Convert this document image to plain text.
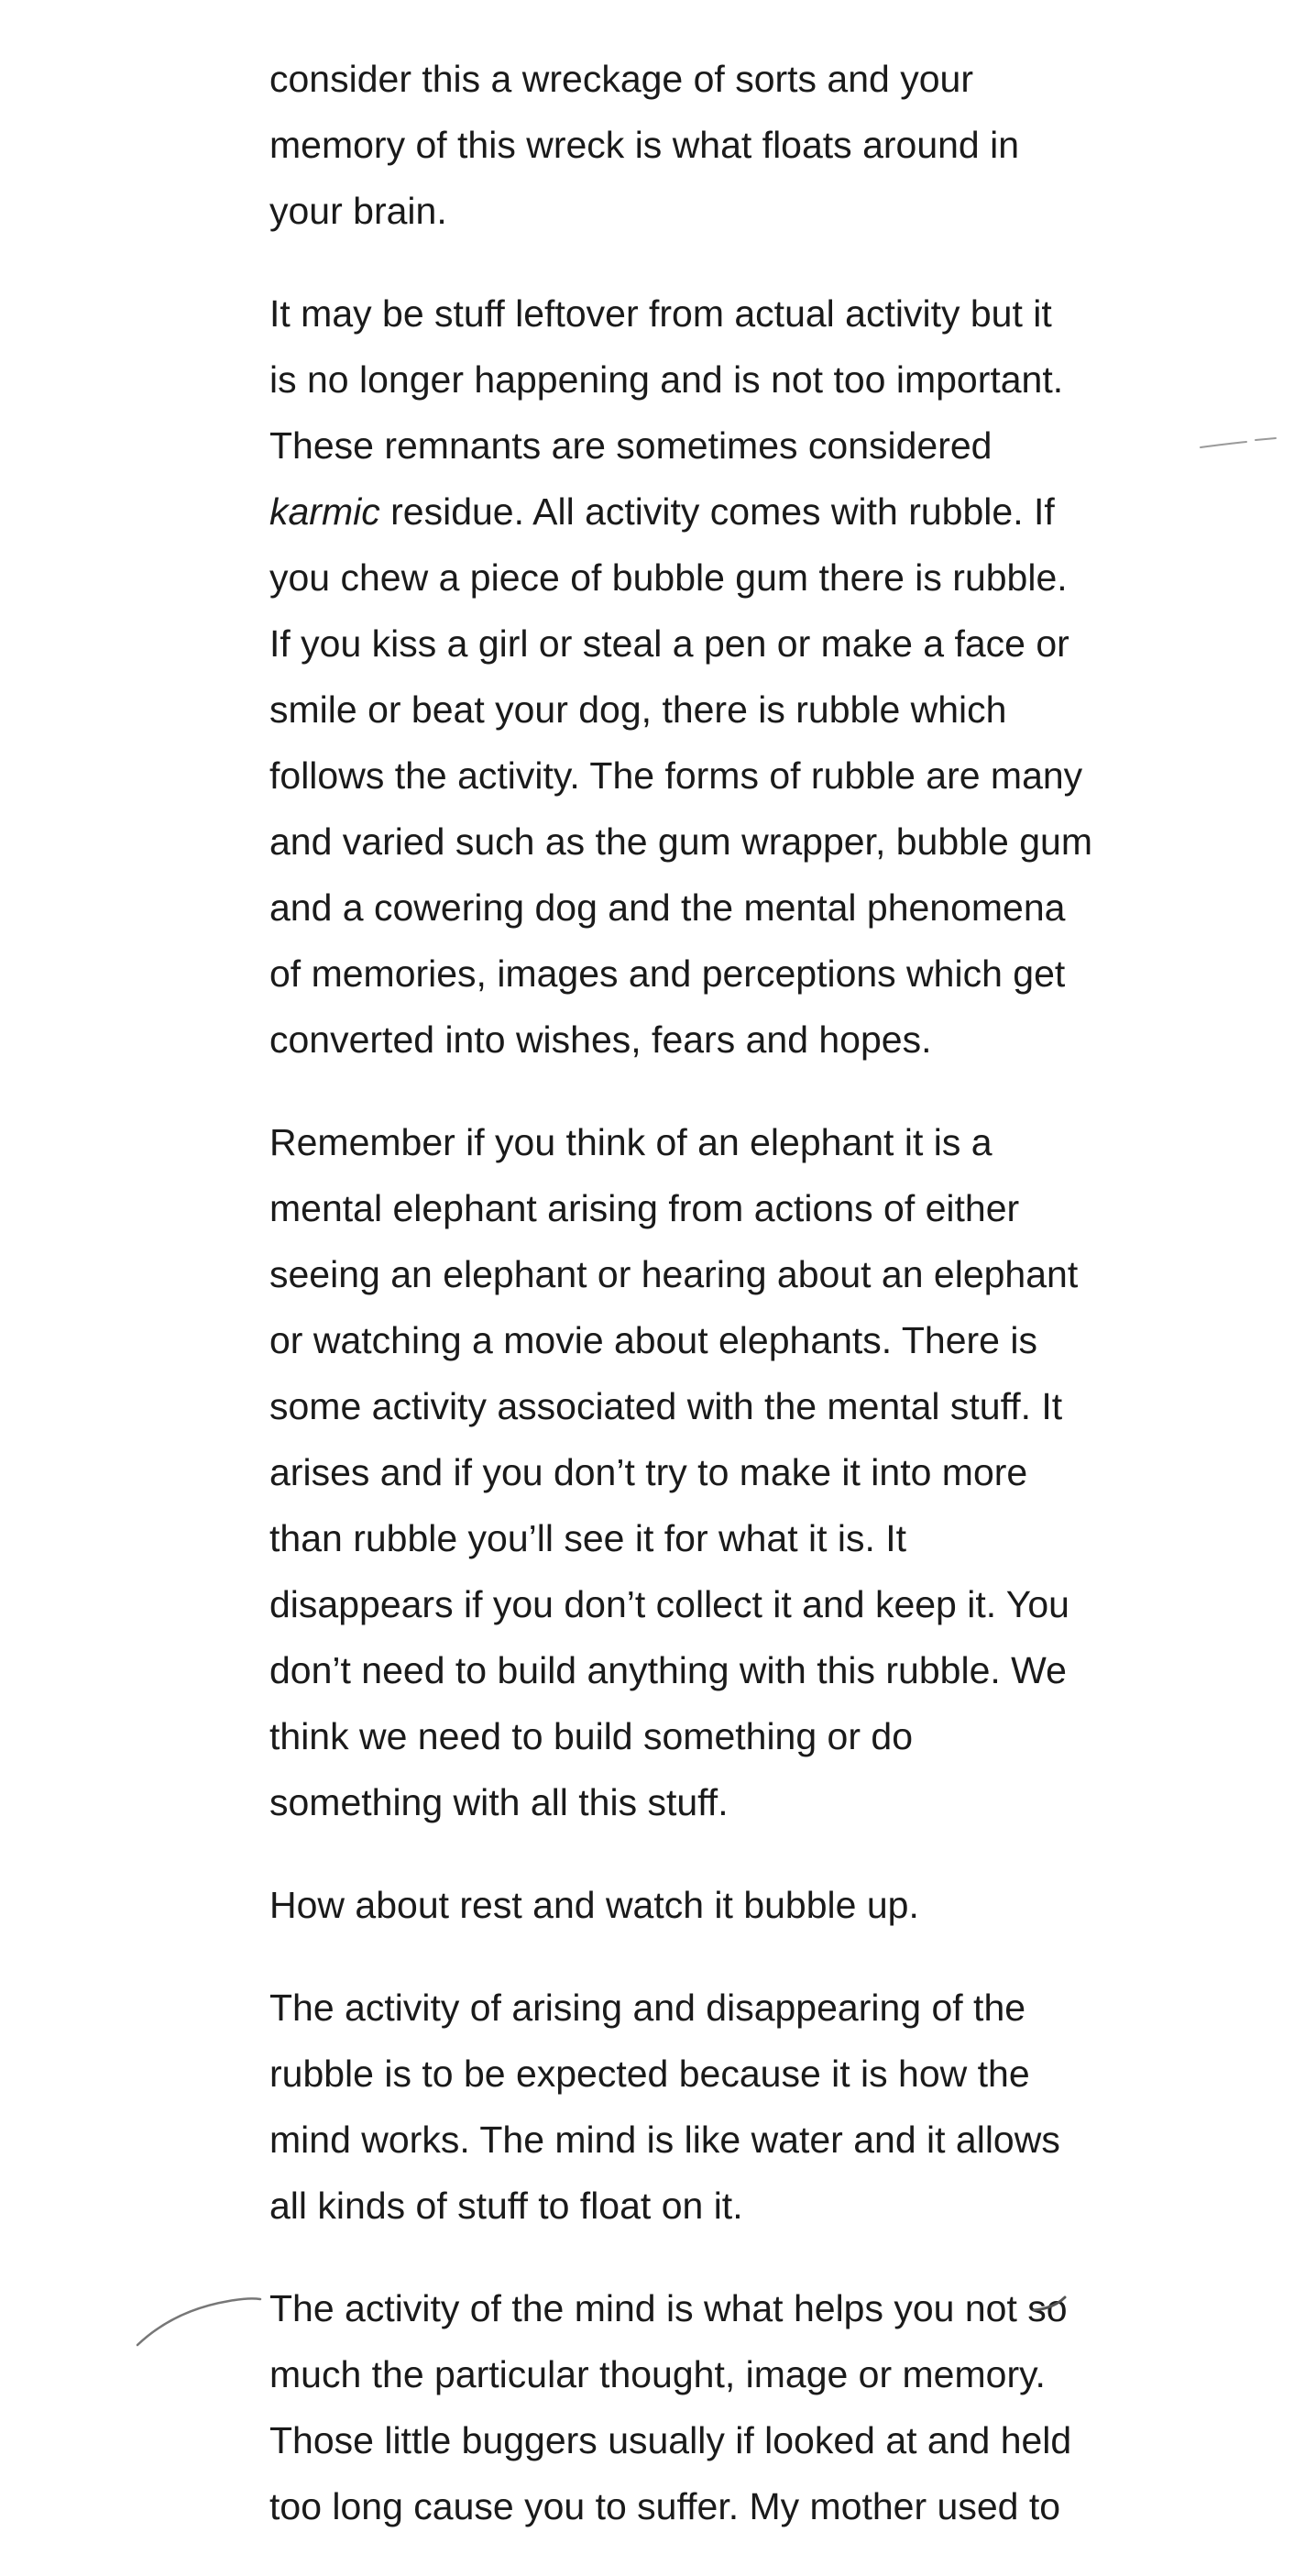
consider this a wreckage of sorts and your
memory of this wreck is what floats around in
your brain.
It may be stuff leftover from actual activity but it
is no longer happening and is not too important.
These remnants are sometimes considered
karmic residue. All activity comes with rubble. If
you chew a piece of bubble gum there is rubble.
If you kiss a girl or steal a pen or make a face or
smile or beat your dog, there is rubble which
follows the activity. The forms of rubble are many
and varied such as the gum wrapper, bubble gum
and a cowering dog and the mental phenomena
of memories, images and perceptions which get
converted into wishes, fears and hopes.
Remember if you think of an elephant it is a
mental elephant arising from actions of either
seeing an elephant or hearing about an elephant
or watching a movie about elephants. There is
some activity associated with the mental stuff. It
arises and if you don’t try to make it into more
than rubble you’ll see it for what it is. It
disappears if you don’t collect it and keep it. You
don’t need to build anything with this rubble. We
think we need to build something or do
something with all this stuff.
How about rest and watch it bubble up.
The activity of arising and disappearing of the
rubble is to be expected because it is how the
mind works. The mind is like water and it allows
all kinds of stuff to float on it.
The activity of the mind is what helps you not so
much the particular thought, image or memory.
Those little buggers usually if looked at and held
too long cause you to suffer. My mother used to
